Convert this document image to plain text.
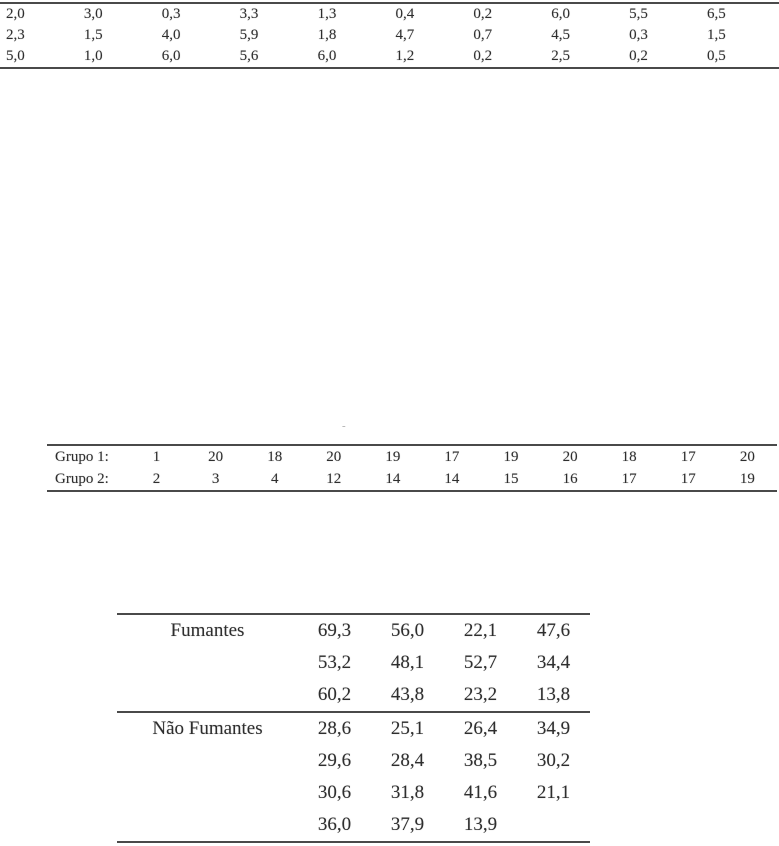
2,0	3,0	0,3	3,3	1,3	0,4	0,2	6,0	5,5	6,5
2,3	1,5	4,0	5,9	1,8	4,7	0,7	4,5	0,3	1,5
5,0	1,0	6,0	5,6	6,0	1,2	0,2	2,5	0,2	0,5
-
Grupo 1:	1	20	18	20	19	17	19	20	18	17	20
Grupo 2:	2	3	4	12	14	14	15	16	17	17	19
Fumantes	69,3	56,0	22,1	47,6
	53,2	48,1	52,7	34,4
	60,2	43,8	23,2	13,8
Não Fumantes	28,6	25,1	26,4	34,9
	29,6	28,4	38,5	30,2
	30,6	31,8	41,6	21,1
	36,0	37,9	13,9	
